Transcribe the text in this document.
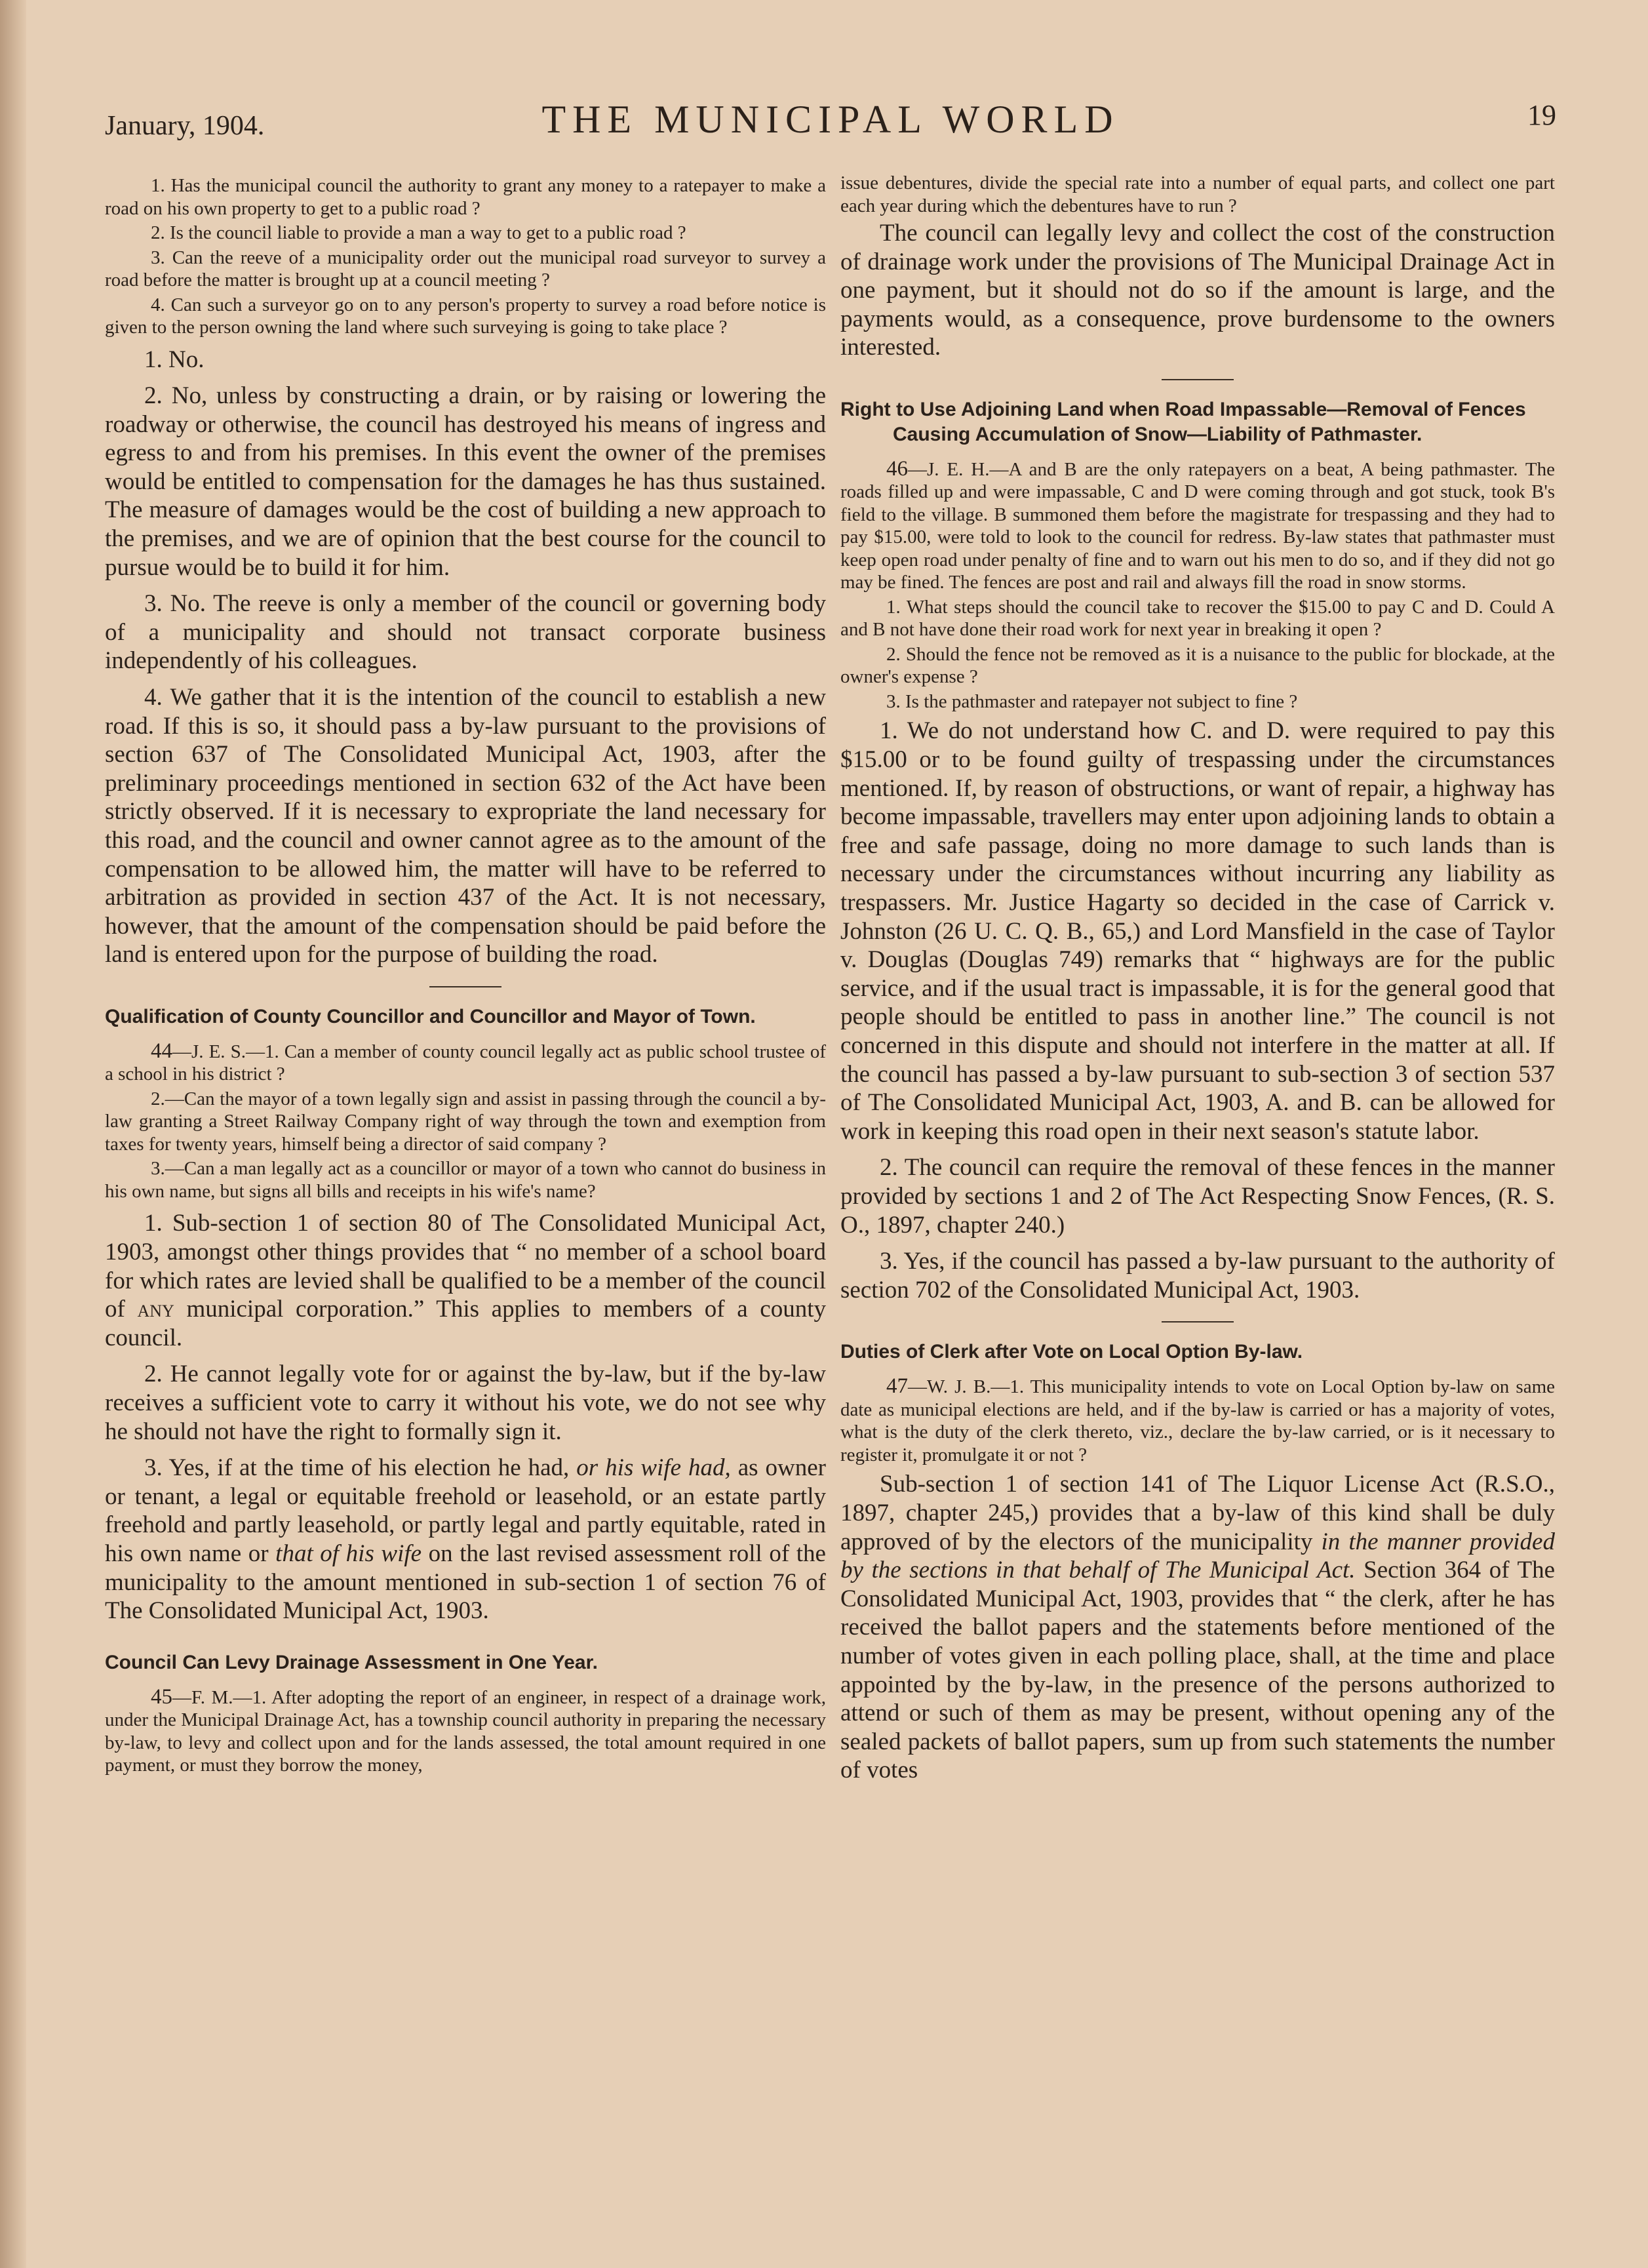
January, 1904.	THE MUNICIPAL WORLD	19

1. Has the municipal council the authority to grant any money to a ratepayer to make a road on his own property to get to a public road ?

2. Is the council liable to provide a man a way to get to a public road ?

3. Can the reeve of a municipality order out the municipal road surveyor to survey a road before the matter is brought up at a council meeting ?

4. Can such a surveyor go on to any person's property to survey a road before notice is given to the person owning the land where such surveying is going to take place ?

1. No.

2. No, unless by constructing a drain, or by raising or lowering the roadway or otherwise, the council has destroyed his means of ingress and egress to and from his premises. In this event the owner of the premises would be entitled to compensation for the damages he has thus sustained. The measure of damages would be the cost of building a new approach to the premises, and we are of opinion that the best course for the council to pursue would be to build it for him.

3. No. The reeve is only a member of the council or governing body of a municipality and should not transact corporate business independently of his colleagues.

4. We gather that it is the intention of the council to establish a new road. If this is so, it should pass a by-law pursuant to the provisions of section 637 of The Consolidated Municipal Act, 1903, after the preliminary proceedings mentioned in section 632 of the Act have been strictly observed. If it is necessary to expropriate the land necessary for this road, and the council and owner cannot agree as to the amount of the compensation to be allowed him, the matter will have to be referred to arbitration as provided in section 437 of the Act. It is not necessary, however, that the amount of the compensation should be paid before the land is entered upon for the purpose of building the road.

Qualification of County Councillor and Councillor and Mayor of Town.

44—J. E. S.—1. Can a member of county council legally act as public school trustee of a school in his district ?

2.—Can the mayor of a town legally sign and assist in passing through the council a by-law granting a Street Railway Company right of way through the town and exemption from taxes for twenty years, himself being a director of said company ?

3.—Can a man legally act as a councillor or mayor of a town who cannot do business in his own name, but signs all bills and receipts in his wife's name?

1. Sub-section 1 of section 80 of The Consolidated Municipal Act, 1903, amongst other things provides that “ no member of a school board for which rates are levied shall be qualified to be a member of the council of any municipal corporation.” This applies to members of a county council.

2. He cannot legally vote for or against the by-law, but if the by-law receives a sufficient vote to carry it without his vote, we do not see why he should not have the right to formally sign it.

3. Yes, if at the time of his election he had, or his wife had, as owner or tenant, a legal or equitable freehold or leasehold, or an estate partly freehold and partly leasehold, or partly legal and partly equitable, rated in his own name or that of his wife on the last revised assessment roll of the municipality to the amount mentioned in sub-section 1 of section 76 of The Consolidated Municipal Act, 1903.

Council Can Levy Drainage Assessment in One Year.

45—F. M.—1. After adopting the report of an engineer, in respect of a drainage work, under the Municipal Drainage Act, has a township council authority in preparing the necessary by-law, to levy and collect upon and for the lands assessed, the total amount required in one payment, or must they borrow the money,

issue debentures, divide the special rate into a number of equal parts, and collect one part each year during which the debentures have to run ?

The council can legally levy and collect the cost of the construction of drainage work under the provisions of The Municipal Drainage Act in one payment, but it should not do so if the amount is large, and the payments would, as a consequence, prove burdensome to the owners interested.

Right to Use Adjoining Land when Road Impassable—Removal of Fences Causing Accumulation of Snow—Liability of Pathmaster.

46—J. E. H.—A and B are the only ratepayers on a beat, A being pathmaster. The roads filled up and were impassable, C and D were coming through and got stuck, took B's field to the village. B summoned them before the magistrate for trespassing and they had to pay $15.00, were told to look to the council for redress. By-law states that pathmaster must keep open road under penalty of fine and to warn out his men to do so, and if they did not go may be fined. The fences are post and rail and always fill the road in snow storms.

1. What steps should the council take to recover the $15.00 to pay C and D. Could A and B not have done their road work for next year in breaking it open ?

2. Should the fence not be removed as it is a nuisance to the public for blockade, at the owner's expense ?

3. Is the pathmaster and ratepayer not subject to fine ?

1. We do not understand how C. and D. were required to pay this $15.00 or to be found guilty of trespassing under the circumstances mentioned. If, by reason of obstructions, or want of repair, a highway has become impassable, travellers may enter upon adjoining lands to obtain a free and safe passage, doing no more damage to such lands than is necessary under the circumstances without incurring any liability as trespassers. Mr. Justice Hagarty so decided in the case of Carrick v. Johnston (26 U. C. Q. B., 65,) and Lord Mansfield in the case of Taylor v. Douglas (Douglas 749) remarks that “ highways are for the public service, and if the usual tract is impassable, it is for the general good that people should be entitled to pass in another line.” The council is not concerned in this dispute and should not interfere in the matter at all. If the council has passed a by-law pursuant to sub-section 3 of section 537 of The Consolidated Municipal Act, 1903, A. and B. can be allowed for work in keeping this road open in their next season's statute labor.

2. The council can require the removal of these fences in the manner provided by sections 1 and 2 of The Act Respecting Snow Fences, (R. S. O., 1897, chapter 240.)

3. Yes, if the council has passed a by-law pursuant to the authority of section 702 of the Consolidated Municipal Act, 1903.

Duties of Clerk after Vote on Local Option By-law.

47—W. J. B.—1. This municipality intends to vote on Local Option by-law on same date as municipal elections are held, and if the by-law is carried or has a majority of votes, what is the duty of the clerk thereto, viz., declare the by-law carried, or is it necessary to register it, promulgate it or not ?

Sub-section 1 of section 141 of The Liquor License Act (R.S.O., 1897, chapter 245,) provides that a by-law of this kind shall be duly approved of by the electors of the municipality in the manner provided by the sections in that behalf of The Municipal Act. Section 364 of The Consolidated Municipal Act, 1903, provides that “ the clerk, after he has received the ballot papers and the statements before mentioned of the number of votes given in each polling place, shall, at the time and place appointed by the by-law, in the presence of the persons authorized to attend or such of them as may be present, without opening any of the sealed packets of ballot papers, sum up from such statements the number of votes
